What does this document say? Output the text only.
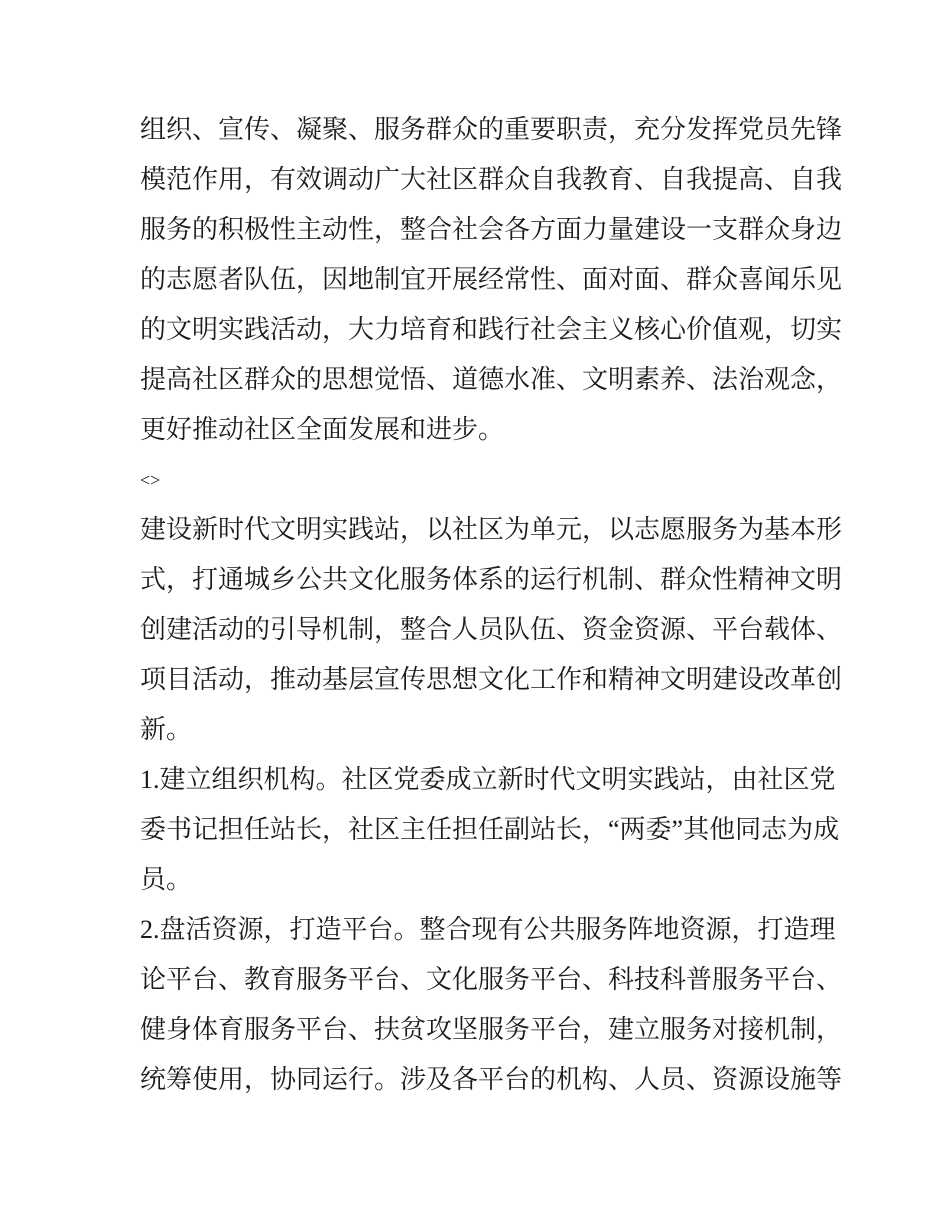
组织、宣传、凝聚、服务群众的重要职责，充分发挥党员先锋
模范作用，有效调动广大社区群众自我教育、自我提高、自我
服务的积极性主动性，整合社会各方面力量建设一支群众身边
的志愿者队伍，因地制宜开展经常性、面对面、群众喜闻乐见
的文明实践活动，大力培育和践行社会主义核心价值观，切实
提高社区群众的思想觉悟、道德水准、文明素养、法治观念，
更好推动社区全面发展和进步。
<>
建设新时代文明实践站，以社区为单元，以志愿服务为基本形
式，打通城乡公共文化服务体系的运行机制、群众性精神文明
创建活动的引导机制，整合人员队伍、资金资源、平台载体、
项目活动，推动基层宣传思想文化工作和精神文明建设改革创
新。
1.建立组织机构。社区党委成立新时代文明实践站，由社区党
委书记担任站长，社区主任担任副站长，“两委”其他同志为成
员。
2.盘活资源，打造平台。整合现有公共服务阵地资源，打造理
论平台、教育服务平台、文化服务平台、科技科普服务平台、
健身体育服务平台、扶贫攻坚服务平台，建立服务对接机制，
统筹使用，协同运行。涉及各平台的机构、人员、资源设施等
